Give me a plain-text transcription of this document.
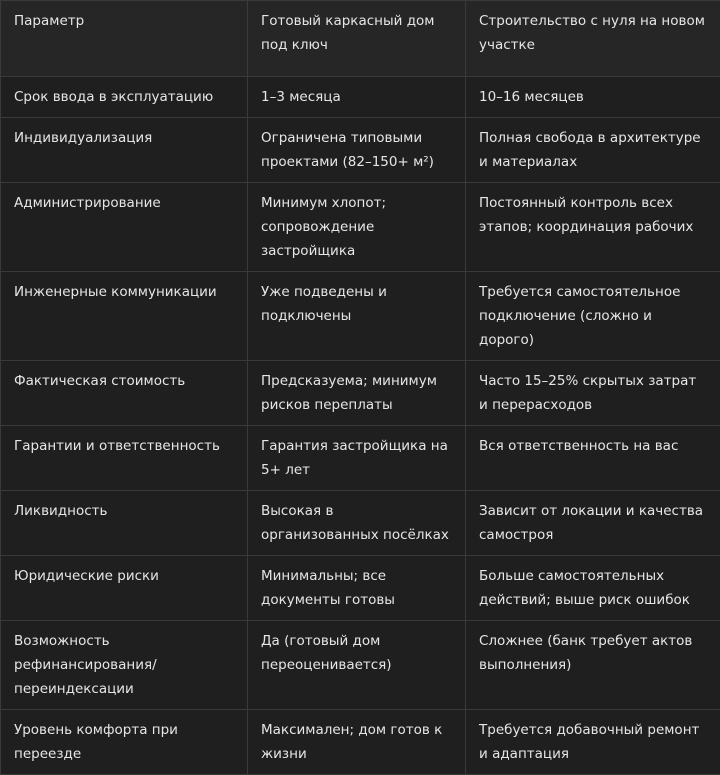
Параметр	Готовый каркасный дом под ключ	Строительство с нуля на новом участке
Срок ввода в эксплуатацию	1–3 месяца	10–16 месяцев
Индивидуализация	Ограничена типовыми проектами (82–150+ м²)	Полная свобода в архитектуре и материалах
Администрирование	Минимум хлопот; сопровождение застройщика	Постоянный контроль всех этапов; координация рабочих
Инженерные коммуникации	Уже подведены и подключены	Требуется самостоятельное подключение (сложно и дорого)
Фактическая стоимость	Предсказуема; минимум рисков переплаты	Часто 15–25% скрытых затрат и перерасходов
Гарантии и ответственность	Гарантия застройщика на 5+ лет	Вся ответственность на вас
Ликвидность	Высокая в организованных посёлках	Зависит от локации и качества самостроя
Юридические риски	Минимальны; все документы готовы	Больше самостоятельных действий; выше риск ошибок
Возможность рефинансирования/ переиндексации	Да (готовый дом переоценивается)	Сложнее (банк требует актов выполнения)
Уровень комфорта при переезде	Максимален; дом готов к жизни	Требуется добавочный ремонт и адаптация
